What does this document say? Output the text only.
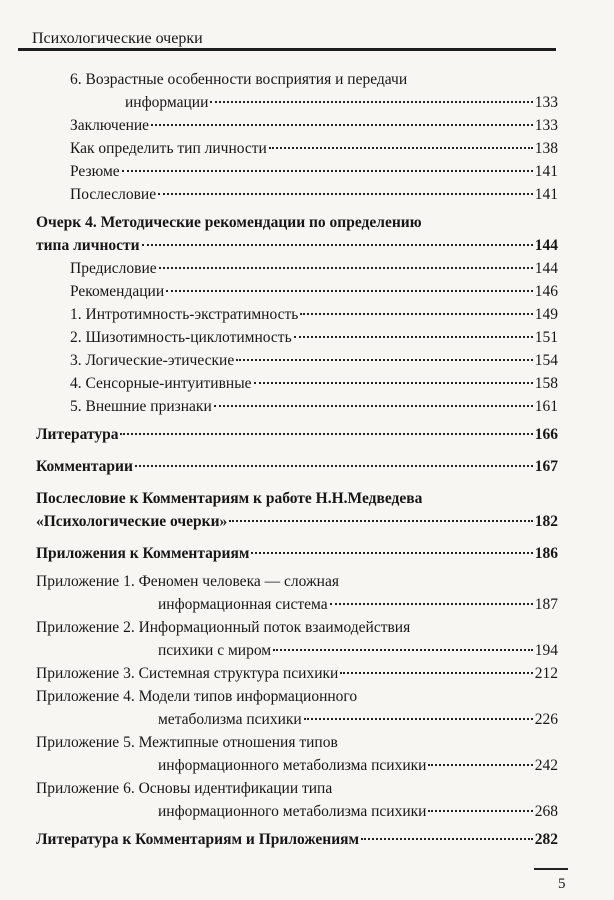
Психологические очерки
6. Возрастные особенности восприятия и передачи
информации	133
Заключение	133
Как определить тип личности	138
Резюме	141
Послесловие	141
Очерк 4. Методические рекомендации по определению
типа личности	144
Предисловие	144
Рекомендации	146
1. Интротимность-экстратимность	149
2. Шизотимность-циклотимность	151
3. Логические-этические	154
4. Сенсорные-интуитивные	158
5. Внешние признаки	161
Литература	166
Комментарии	167
Послесловие к Комментариям к работе Н.Н.Медведева
«Психологические очерки»	182
Приложения к Комментариям	186
Приложение 1. Феномен человека — сложная
информационная система	187
Приложение 2. Информационный поток взаимодействия
психики с миром	194
Приложение 3. Системная структура психики	212
Приложение 4. Модели типов информационного
метаболизма психики	226
Приложение 5. Межтипные отношения типов
информационного метаболизма психики	242
Приложение 6. Основы идентификации типа
информационного метаболизма психики	268
Литература к Комментариям и Приложениям	282
5
